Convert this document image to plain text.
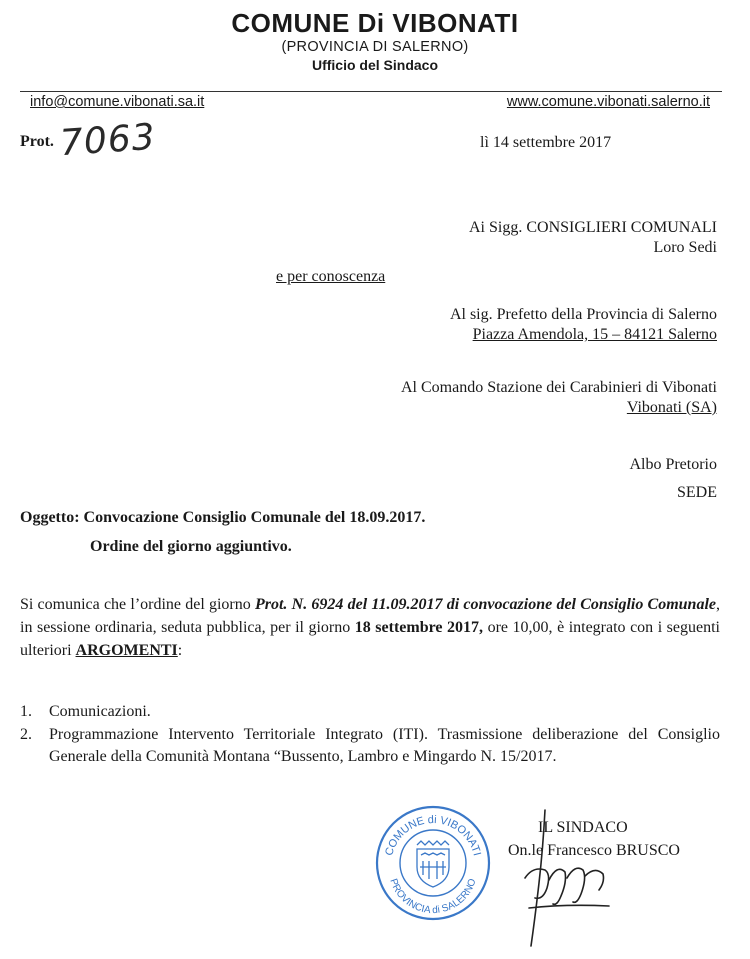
COMUNE Di VIBONATI
(PROVINCIA DI SALERNO)
Ufficio del Sindaco
info@comune.vibonati.sa.it	www.comune.vibonati.salerno.it
Prot. 7063	lì 14 settembre 2017
Ai Sigg. CONSIGLIERI COMUNALI
Loro Sedi
e per conoscenza
Al sig. Prefetto della Provincia di Salerno
Piazza Amendola, 15 – 84121 Salerno
Al Comando Stazione dei Carabinieri di Vibonati
Vibonati (SA)
Albo Pretorio
SEDE
Oggetto: Convocazione Consiglio Comunale del 18.09.2017.
Ordine del giorno aggiuntivo.
Si comunica che l’ordine del giorno Prot. N. 6924 del 11.09.2017 di convocazione del Consiglio Comunale, in sessione ordinaria, seduta pubblica, per il giorno 18 settembre 2017, ore 10,00, è integrato con i seguenti ulteriori ARGOMENTI:
1. Comunicazioni.
2. Programmazione Intervento Territoriale Integrato (ITI). Trasmissione deliberazione del Consiglio Generale della Comunità Montana “Bussento, Lambro e Mingardo N. 15/2017.
COMUNE di VIBONATI
PROVINCIA di SALERNO
IL SINDACO
On.le Francesco BRUSCO
